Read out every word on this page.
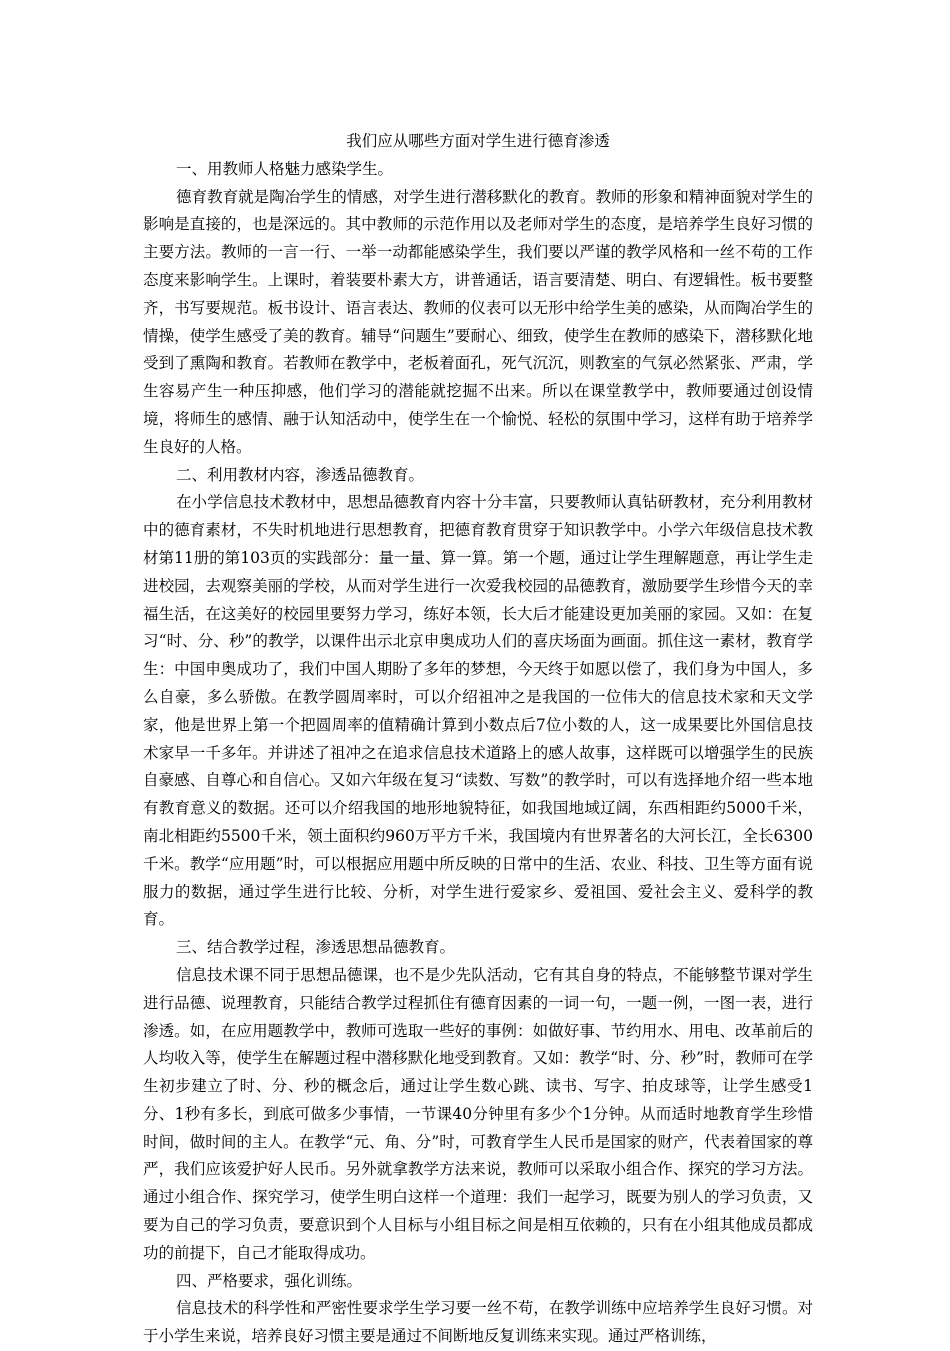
我们应从哪些方面对学生进行德育渗透
一、用教师人格魅力感染学生。

德育教育就是陶冶学生的情感，对学生进行潜移默化的教育。教师的形象和精神面貌对学生的影响是直接的，也是深远的。其中教师的示范作用以及老师对学生的态度，是培养学生良好习惯的主要方法。教师的一言一行、一举一动都能感染学生，我们要以严谨的教学风格和一丝不苟的工作态度来影响学生。上课时，着装要朴素大方，讲普通话，语言要清楚、明白、有逻辑性。板书要整齐，书写要规范。板书设计、语言表达、教师的仪表可以无形中给学生美的感染，从而陶冶学生的情操，使学生感受了美的教育。辅导“问题生”要耐心、细致，使学生在教师的感染下，潜移默化地受到了熏陶和教育。若教师在教学中，老板着面孔，死气沉沉，则教室的气氛必然紧张、严肃，学生容易产生一种压抑感，他们学习的潜能就挖掘不出来。所以在课堂教学中，教师要通过创设情境，将师生的感情、融于认知活动中，使学生在一个愉悦、轻松的氛围中学习，这样有助于培养学生良好的人格。

二、利用教材内容，渗透品德教育。

在小学信息技术教材中，思想品德教育内容十分丰富，只要教师认真钻研教材，充分利用教材中的德育素材，不失时机地进行思想教育，把德育教育贯穿于知识教学中。小学六年级信息技术教材第11册的第103页的实践部分：量一量、算一算。第一个题，通过让学生理解题意，再让学生走进校园，去观察美丽的学校，从而对学生进行一次爱我校园的品德教育，激励要学生珍惜今天的幸福生活，在这美好的校园里要努力学习，练好本领，长大后才能建设更加美丽的家园。又如：在复习“时、分、秒”的教学，以课件出示北京申奥成功人们的喜庆场面为画面。抓住这一素材，教育学生：中国申奥成功了，我们中国人期盼了多年的梦想，今天终于如愿以偿了，我们身为中国人，多么自豪，多么骄傲。在教学圆周率时，可以介绍祖冲之是我国的一位伟大的信息技术家和天文学家，他是世界上第一个把圆周率的值精确计算到小数点后7位小数的人，这一成果要比外国信息技术家早一千多年。并讲述了祖冲之在追求信息技术道路上的感人故事，这样既可以增强学生的民族自豪感、自尊心和自信心。又如六年级在复习“读数、写数”的教学时，可以有选择地介绍一些本地有教育意义的数据。还可以介绍我国的地形地貌特征，如我国地域辽阔，东西相距约5000千米，南北相距约5500千米，领土面积约960万平方千米，我国境内有世界著名的大河长江，全长6300千米。教学“应用题”时，可以根据应用题中所反映的日常中的生活、农业、科技、卫生等方面有说服力的数据，通过学生进行比较、分析，对学生进行爱家乡、爱祖国、爱社会主义、爱科学的教育。

三、结合教学过程，渗透思想品德教育。

信息技术课不同于思想品德课，也不是少先队活动，它有其自身的特点，不能够整节课对学生进行品德、说理教育，只能结合教学过程抓住有德育因素的一词一句，一题一例，一图一表，进行渗透。如，在应用题教学中，教师可选取一些好的事例：如做好事、节约用水、用电、改革前后的人均收入等，使学生在解题过程中潜移默化地受到教育。又如：教学“时、分、秒”时，教师可在学生初步建立了时、分、秒的概念后，通过让学生数心跳、读书、写字、拍皮球等，让学生感受1分、1秒有多长，到底可做多少事情，一节课40分钟里有多少个1分钟。从而适时地教育学生珍惜时间，做时间的主人。在教学“元、角、分”时，可教育学生人民币是国家的财产，代表着国家的尊严，我们应该爱护好人民币。另外就拿教学方法来说，教师可以采取小组合作、探究的学习方法。通过小组合作、探究学习，使学生明白这样一个道理：我们一起学习，既要为别人的学习负责，又要为自己的学习负责，要意识到个人目标与小组目标之间是相互依赖的，只有在小组其他成员都成功的前提下，自己才能取得成功。

四、严格要求，强化训练。

信息技术的科学性和严密性要求学生学习要一丝不苟，在教学训练中应培养学生良好习惯。对于小学生来说，培养良好习惯主要是通过不间断地反复训练来实现。通过严格训练，
